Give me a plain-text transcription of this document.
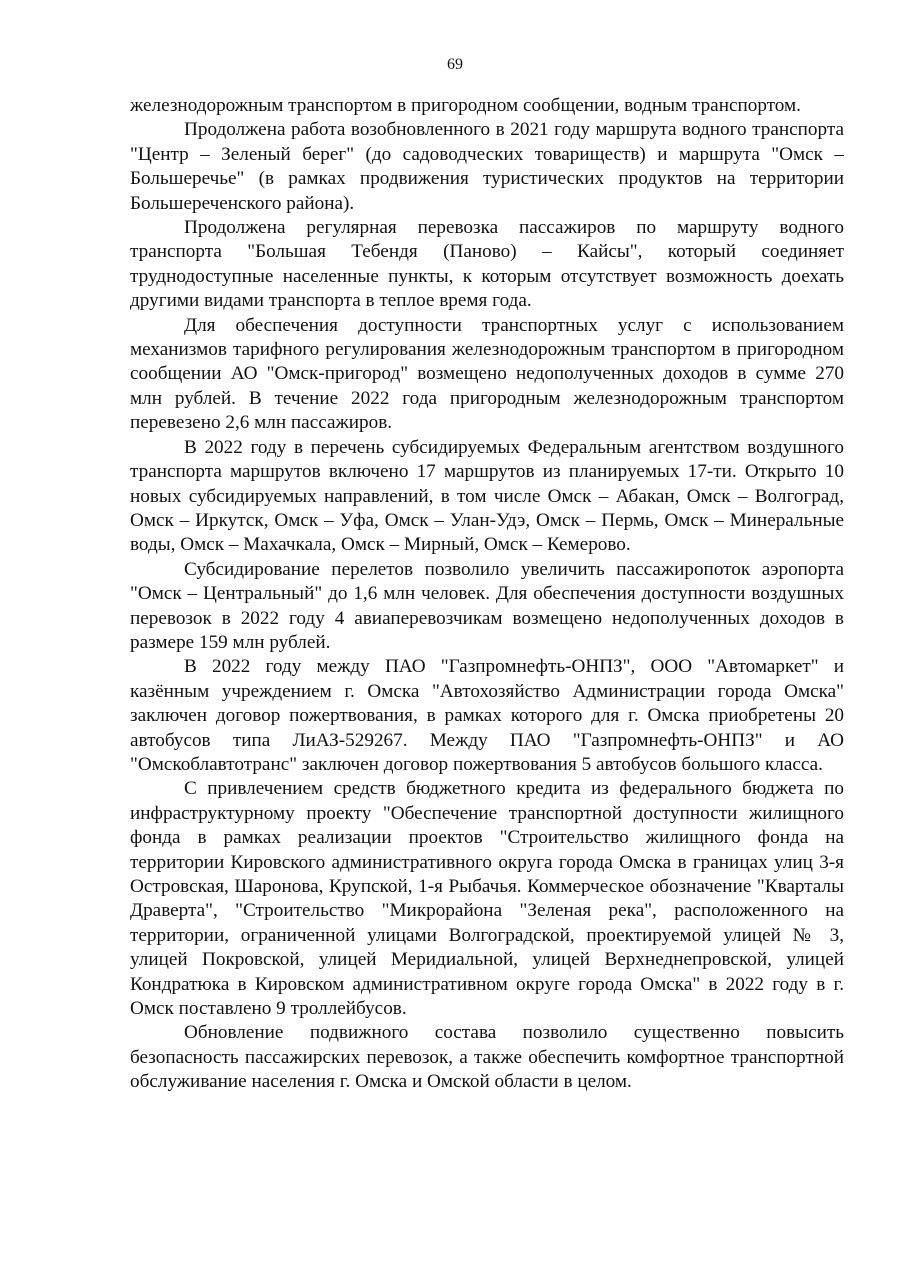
69

железнодорожным транспортом в пригородном сообщении, водным транспортом.

Продолжена работа возобновленного в 2021 году маршрута водного транспорта "Центр – Зеленый берег" (до садоводческих товариществ) и маршрута "Омск – Большеречье" (в рамках продвижения туристических продуктов на территории Большереченского района).

Продолжена регулярная перевозка пассажиров по маршруту водного транспорта "Большая Тебендя (Паново) – Кайсы", который соединяет труднодоступные населенные пункты, к которым отсутствует возможность доехать другими видами транспорта в теплое время года.

Для обеспечения доступности транспортных услуг с использованием механизмов тарифного регулирования железнодорожным транспортом в пригородном сообщении АО "Омск-пригород" возмещено недополученных доходов в сумме 270 млн рублей. В течение 2022 года пригородным железнодорожным транспортом перевезено 2,6 млн пассажиров.

В 2022 году в перечень субсидируемых Федеральным агентством воздушного транспорта маршрутов включено 17 маршрутов из планируемых 17-ти. Открыто 10 новых субсидируемых направлений, в том числе Омск – Абакан, Омск – Волгоград, Омск – Иркутск, Омск – Уфа, Омск – Улан-Удэ, Омск – Пермь, Омск – Минеральные воды, Омск – Махачкала, Омск – Мирный, Омск – Кемерово.

Субсидирование перелетов позволило увеличить пассажиропоток аэропорта "Омск – Центральный" до 1,6 млн человек. Для обеспечения доступности воздушных перевозок в 2022 году 4 авиаперевозчикам возмещено недополученных доходов в размере 159 млн рублей.

В 2022 году между ПАО "Газпромнефть-ОНПЗ", ООО "Автомаркет" и казённым учреждением г. Омска "Автохозяйство Администрации города Омска" заключен договор пожертвования, в рамках которого для г. Омска приобретены 20 автобусов типа ЛиАЗ-529267. Между ПАО "Газпромнефть-ОНПЗ" и АО "Омскоблавтотранс" заключен договор пожертвования 5 автобусов большого класса.

С привлечением средств бюджетного кредита из федерального бюджета по инфраструктурному проекту "Обеспечение транспортной доступности жилищного фонда в рамках реализации проектов "Строительство жилищного фонда на территории Кировского административного округа города Омска в границах улиц 3-я Островская, Шаронова, Крупской, 1-я Рыбачья. Коммерческое обозначение "Кварталы Драверта", "Строительство "Микрорайона "Зеленая река", расположенного на территории, ограниченной улицами Волгоградской, проектируемой улицей № 3, улицей Покровской, улицей Меридиальной, улицей Верхнеднепровской, улицей Кондратюка в Кировском административном округе города Омска" в 2022 году в г. Омск поставлено 9 троллейбусов.

Обновление подвижного состава позволило существенно повысить безопасность пассажирских перевозок, а также обеспечить комфортное транспортной обслуживание населения г. Омска и Омской области в целом.
